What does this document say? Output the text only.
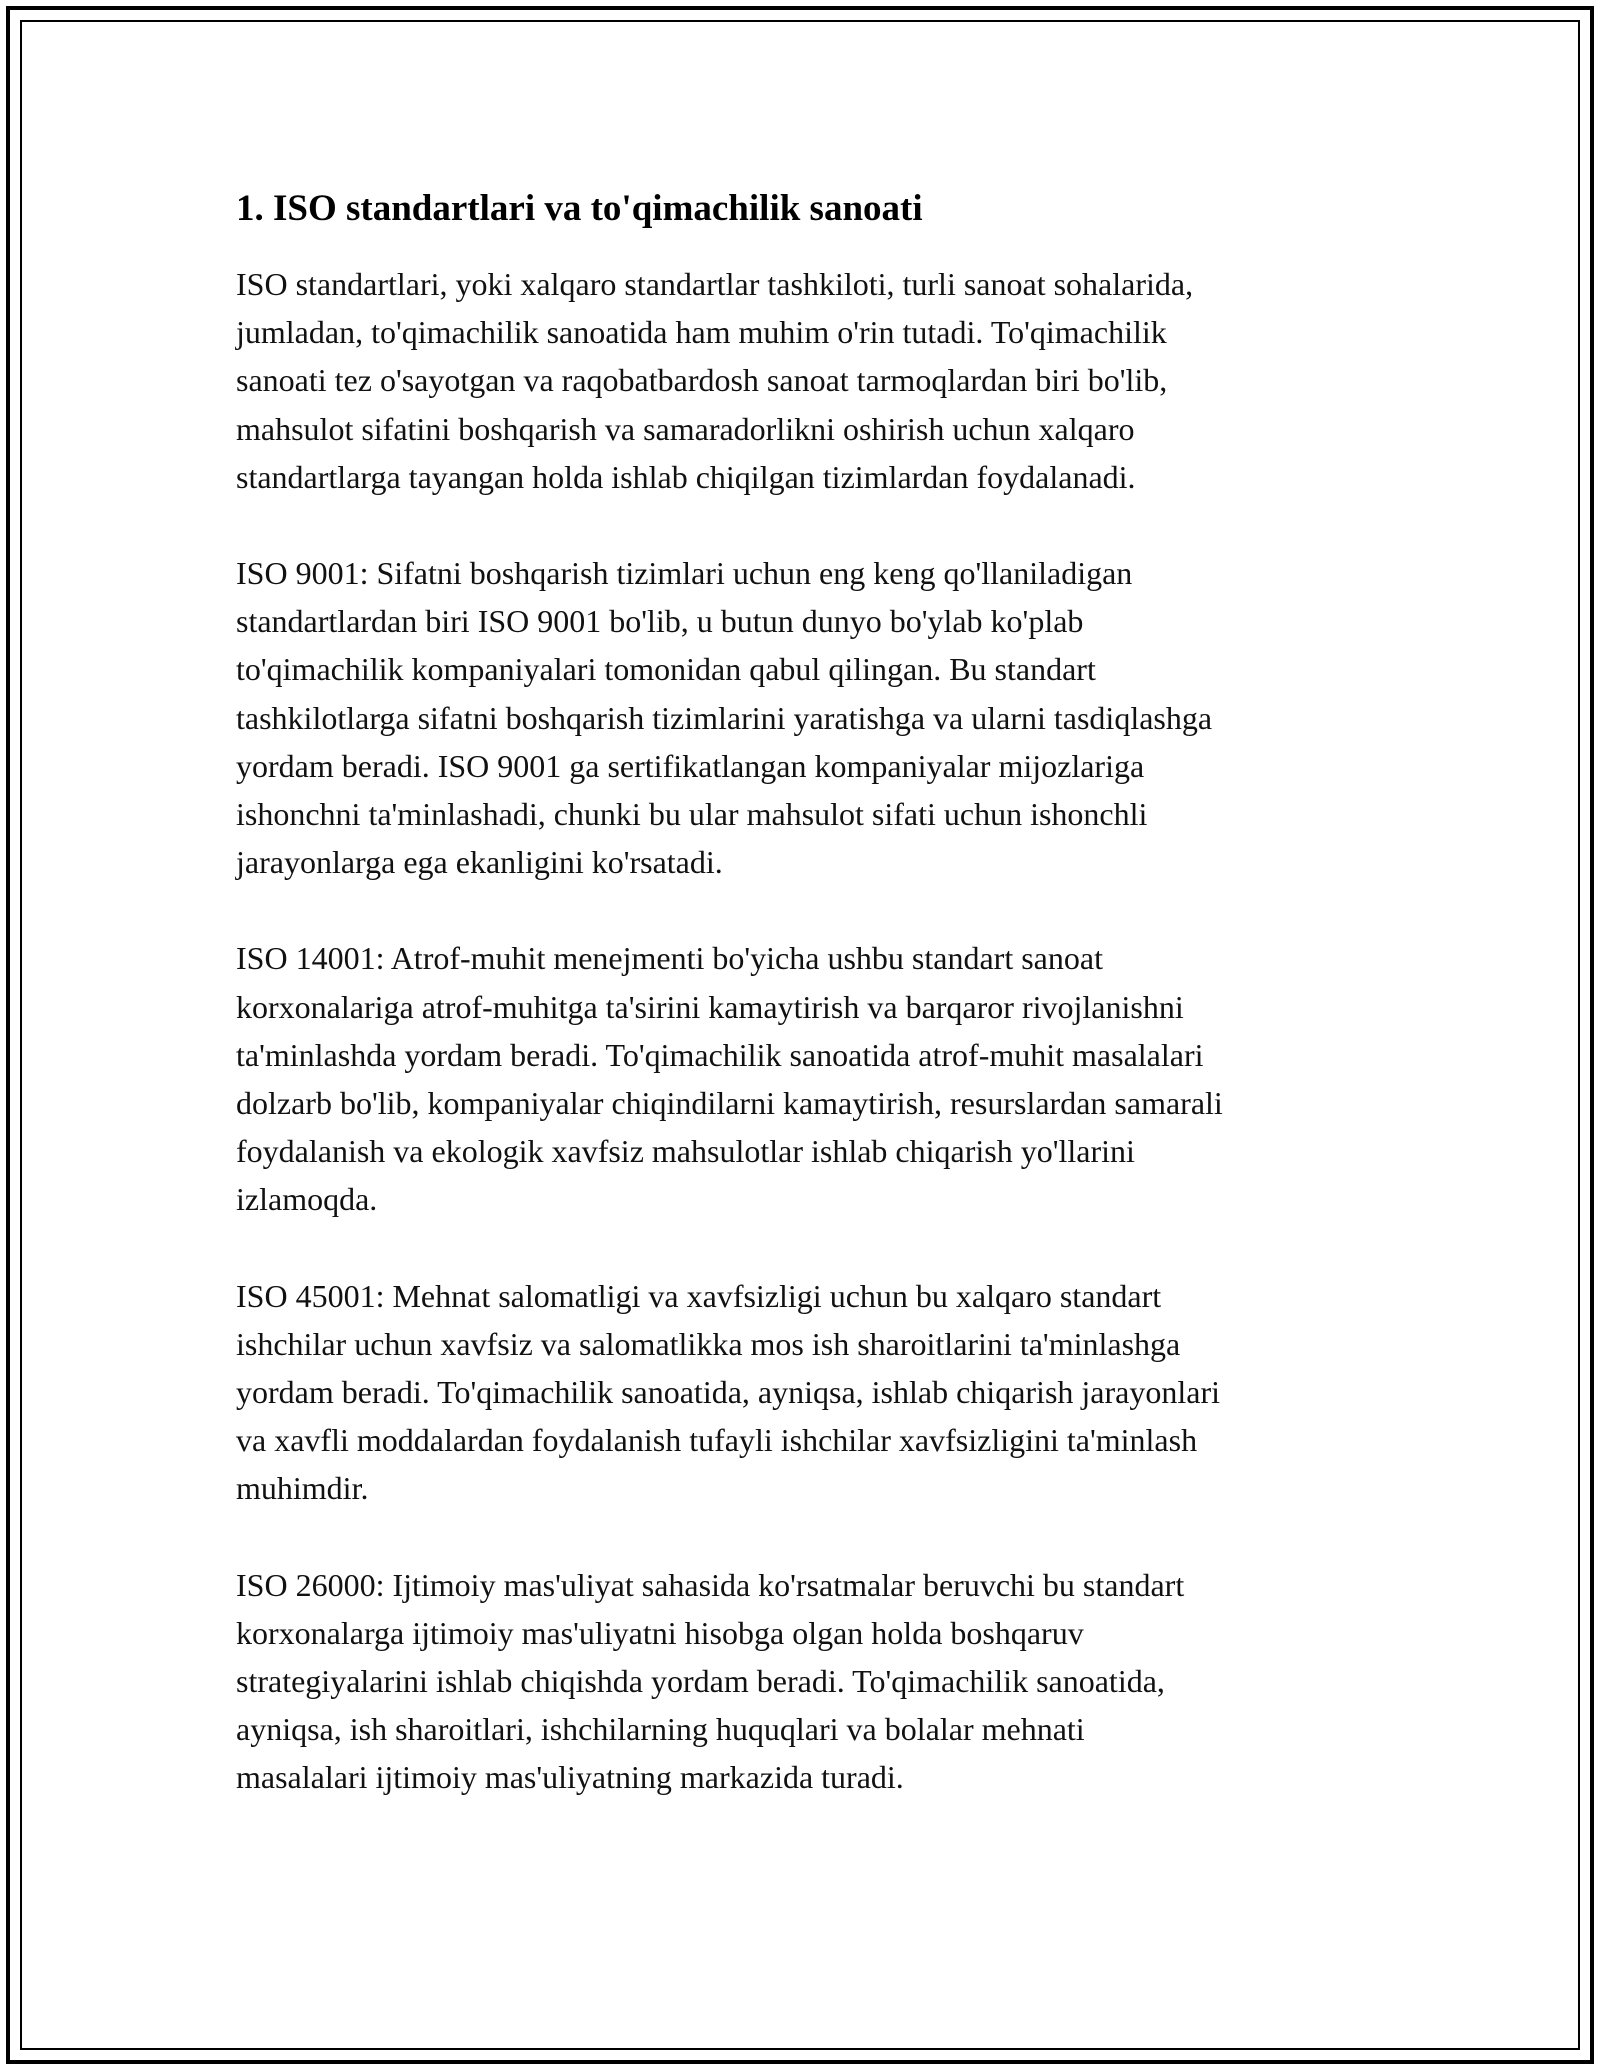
1. ISO standartlari va to'qimachilik sanoati

ISO standartlari, yoki xalqaro standartlar tashkiloti, turli sanoat sohalarida,
jumladan, to'qimachilik sanoatida ham muhim o'rin tutadi. To'qimachilik
sanoati tez o'sayotgan va raqobatbardosh sanoat tarmoqlardan biri bo'lib,
mahsulot sifatini boshqarish va samaradorlikni oshirish uchun xalqaro
standartlarga tayangan holda ishlab chiqilgan tizimlardan foydalanadi.

ISO 9001: Sifatni boshqarish tizimlari uchun eng keng qo'llaniladigan
standartlardan biri ISO 9001 bo'lib, u butun dunyo bo'ylab ko'plab
to'qimachilik kompaniyalari tomonidan qabul qilingan. Bu standart
tashkilotlarga sifatni boshqarish tizimlarini yaratishga va ularni tasdiqlashga
yordam beradi. ISO 9001 ga sertifikatlangan kompaniyalar mijozlariga
ishonchni ta'minlashadi, chunki bu ular mahsulot sifati uchun ishonchli
jarayonlarga ega ekanligini ko'rsatadi.

ISO 14001: Atrof-muhit menejmenti bo'yicha ushbu standart sanoat
korxonalariga atrof-muhitga ta'sirini kamaytirish va barqaror rivojlanishni
ta'minlashda yordam beradi. To'qimachilik sanoatida atrof-muhit masalalari
dolzarb bo'lib, kompaniyalar chiqindilarni kamaytirish, resurslardan samarali
foydalanish va ekologik xavfsiz mahsulotlar ishlab chiqarish yo'llarini
izlamoqda.

ISO 45001: Mehnat salomatligi va xavfsizligi uchun bu xalqaro standart
ishchilar uchun xavfsiz va salomatlikka mos ish sharoitlarini ta'minlashga
yordam beradi. To'qimachilik sanoatida, ayniqsa, ishlab chiqarish jarayonlari
va xavfli moddalardan foydalanish tufayli ishchilar xavfsizligini ta'minlash
muhimdir.

ISO 26000: Ijtimoiy mas'uliyat sahasida ko'rsatmalar beruvchi bu standart
korxonalarga ijtimoiy mas'uliyatni hisobga olgan holda boshqaruv
strategiyalarini ishlab chiqishda yordam beradi. To'qimachilik sanoatida,
ayniqsa, ish sharoitlari, ishchilarning huquqlari va bolalar mehnati
masalalari ijtimoiy mas'uliyatning markazida turadi.
